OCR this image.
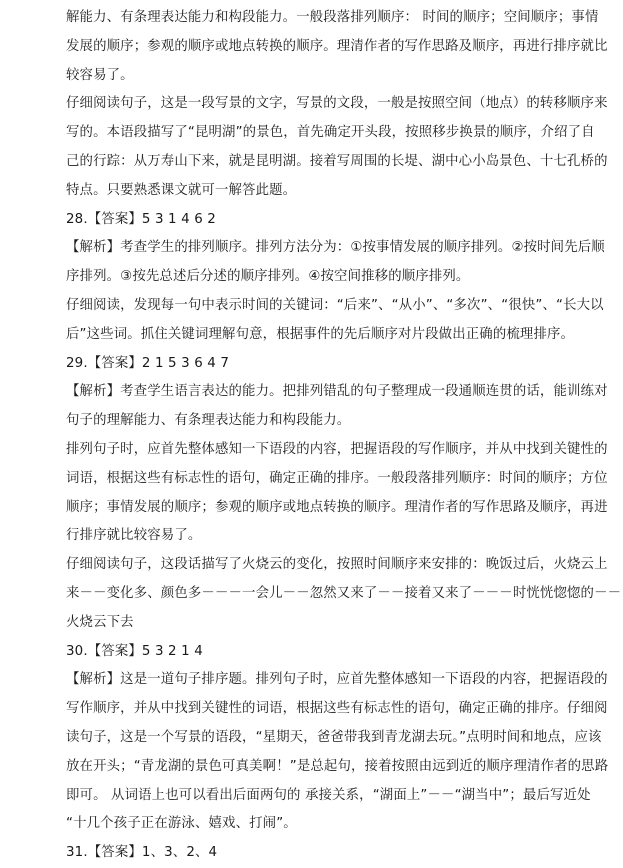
解能力、有条理表达能力和构段能力。一般段落排列顺序： 时间的顺序；空间顺序；事情
发展的顺序；参观的顺序或地点转换的顺序。理清作者的写作思路及顺序，再进行排序就比
较容易了。
仔细阅读句子，这是一段写景的文字，写景的文段，一般是按照空间（地点）的转移顺序来
写的。本语段描写了“昆明湖”的景色，首先确定开头段，按照移步换景的顺序，介绍了自
己的行踪：从万寿山下来，就是昆明湖。接着写周围的长堤、湖中心小岛景色、十七孔桥的
特点。只要熟悉课文就可一解答此题。
28.【答案】5 3 1 4 6 2
【解析】考查学生的排列顺序。排列方法分为：①按事情发展的顺序排列。②按时间先后顺
序排列。③按先总述后分述的顺序排列。④按空间推移的顺序排列。
仔细阅读，发现每一句中表示时间的关键词：“后来”、“从小”、“多次”、“很快”、“长大以
后”这些词。抓住关键词理解句意，根据事件的先后顺序对片段做出正确的梳理排序。
29.【答案】2 1 5 3 6 4 7
【解析】考查学生语言表达的能力。把排列错乱的句子整理成一段通顺连贯的话，能训练对
句子的理解能力、有条理表达能力和构段能力。
排列句子时，应首先整体感知一下语段的内容，把握语段的写作顺序，并从中找到关键性的
词语，根据这些有标志性的语句，确定正确的排序。一般段落排列顺序：时间的顺序；方位
顺序；事情发展的顺序；参观的顺序或地点转换的顺序。理清作者的写作思路及顺序，再进
行排序就比较容易了。
仔细阅读句子，这段话描写了火烧云的变化，按照时间顺序来安排的：晚饭过后，火烧云上
来－－变化多、颜色多－－－一会儿－－忽然又来了－－接着又来了－－－时恍恍惚惚的－－
火烧云下去
30.【答案】5 3 2 1 4
【解析】这是一道句子排序题。排列句子时，应首先整体感知一下语段的内容，把握语段的
写作顺序，并从中找到关键性的词语，根据这些有标志性的语句，确定正确的排序。仔细阅
读句子，这是一个写景的语段，“星期天，爸爸带我到青龙湖去玩。”点明时间和地点，应该
放在开头；“青龙湖的景色可真美啊！”是总起句，接着按照由远到近的顺序理清作者的思路
即可。 从词语上也可以看出后面两句的 承接关系，“湖面上”－－“湖当中”；最后写近处
“十几个孩子正在游泳、嬉戏、打闹”。
31.【答案】1、3、2、4
